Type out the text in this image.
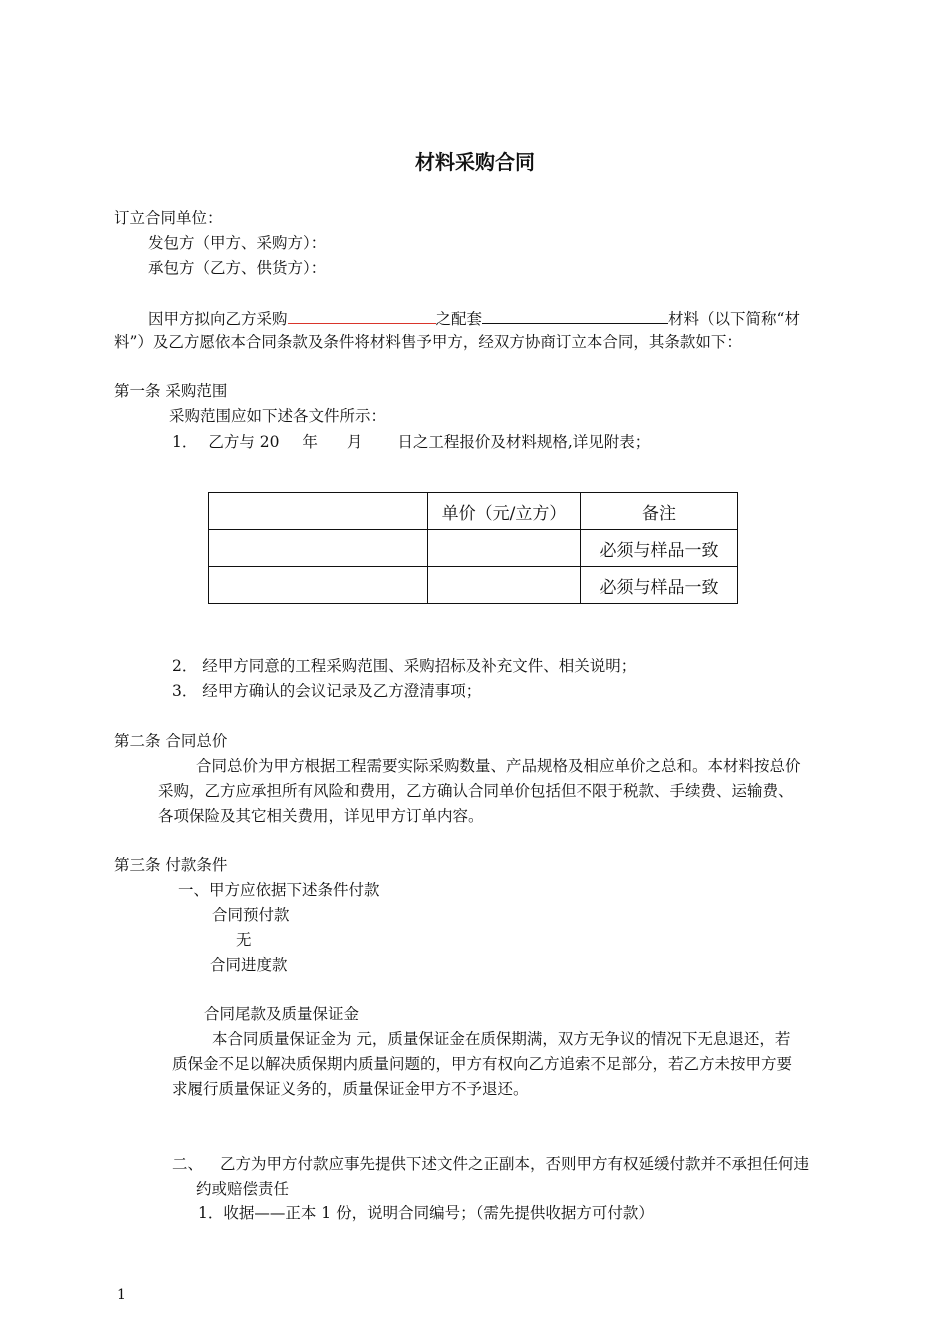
材料采购合同
订立合同单位：
发包方（甲方、采购方）：
承包方（乙方、供货方）：
因甲方拟向乙方采购	之配套	材料（以下简称“材
料”）及乙方愿依本合同条款及条件将材料售予甲方，经双方协商订立本合同，其条款如下：
第一条 采购范围
采购范围应如下述各文件所示：
1． 乙方与 20 年 月 日之工程报价及材料规格,详见附表；
	单价（元/立方）	备注
		必须与样品一致
		必须与样品一致
2． 经甲方同意的工程采购范围、采购招标及补充文件、相关说明；
3． 经甲方确认的会议记录及乙方澄清事项；
第二条 合同总价
合同总价为甲方根据工程需要实际采购数量、产品规格及相应单价之总和。本材料按总价
采购，乙方应承担所有风险和费用，乙方确认合同单价包括但不限于税款、手续费、运输费、
各项保险及其它相关费用，详见甲方订单内容。
第三条 付款条件
一、甲方应依据下述条件付款
合同预付款
无
合同进度款
合同尾款及质量保证金
本合同质量保证金为 元，质量保证金在质保期满，双方无争议的情况下无息退还，若
质保金不足以解决质保期内质量问题的，甲方有权向乙方追索不足部分，若乙方未按甲方要
求履行质量保证义务的，质量保证金甲方不予退还。
二、 乙方为甲方付款应事先提供下述文件之正副本，否则甲方有权延缓付款并不承担任何违
约或赔偿责任
1．收据——正本 1 份，说明合同编号；（需先提供收据方可付款）
1
